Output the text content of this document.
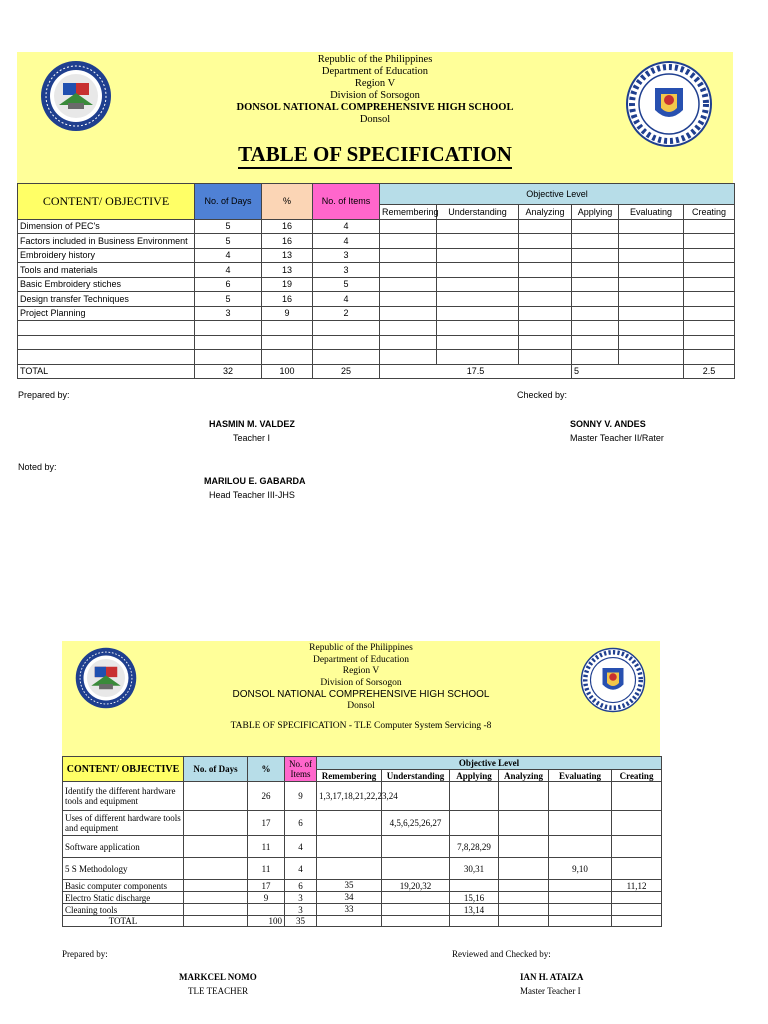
Republic of the Philippines
Department of Education
Region V
Division of Sorsogon
DONSOL NATIONAL COMPREHENSIVE HIGH SCHOOL
Donsol
TABLE OF SPECIFICATION
CONTENT/ OBJECTIVE	No. of Days	%	No. of Items	Objective Level					
				Remembering	Understanding	Analyzing	Applying	Evaluating	Creating
Dimension of PEC's	5	16	4						
Factors included in Business Environment	5	16	4						
Embroidery history	4	13	3						
Tools and materials	4	13	3						
Basic Embroidery stiches	6	19	5						
Design transfer Techniques	5	16	4						
Project Planning	3	9	2						

TOTAL	32	100	25	17.5			5		2.5
Prepared by:	Checked by:
HASMIN M. VALDEZ
Teacher I
SONNY V. ANDES
Master Teacher II/Rater
Noted by:
MARILOU E. GABARDA
Head Teacher III-JHS
Republic of the Philippines
Department of Education
Region V
Division of Sorsogon
DONSOL NATIONAL COMPREHENSIVE HIGH SCHOOL
Donsol
TABLE OF SPECIFICATION - TLE Computer System Servicing -8
CONTENT/ OBJECTIVE	No. of Days	%	No. of Items	Objective Level					
				Remembering	Understanding	Applying	Analyzing	Evaluating	Creating
Identify the different hardware tools and equipment		26	9	1,3,17,18,21,22,23,24					
Uses of different hardware tools and equipment		17	6		4,5,6,25,26,27				
Software application		11	4			7,8,28,29			
5 S Methodology		11	4			30,31		9,10	
Basic computer components		17	6	35	19,20,32				11,12
Electro Static discharge		9	3	34		15,16			
Cleaning tools			3	33		13,14			
TOTAL		100	35						
Prepared by:	Reviewed and Checked by:
MARKCEL NOMO
TLE TEACHER
IAN H. ATAIZA
Master Teacher I
